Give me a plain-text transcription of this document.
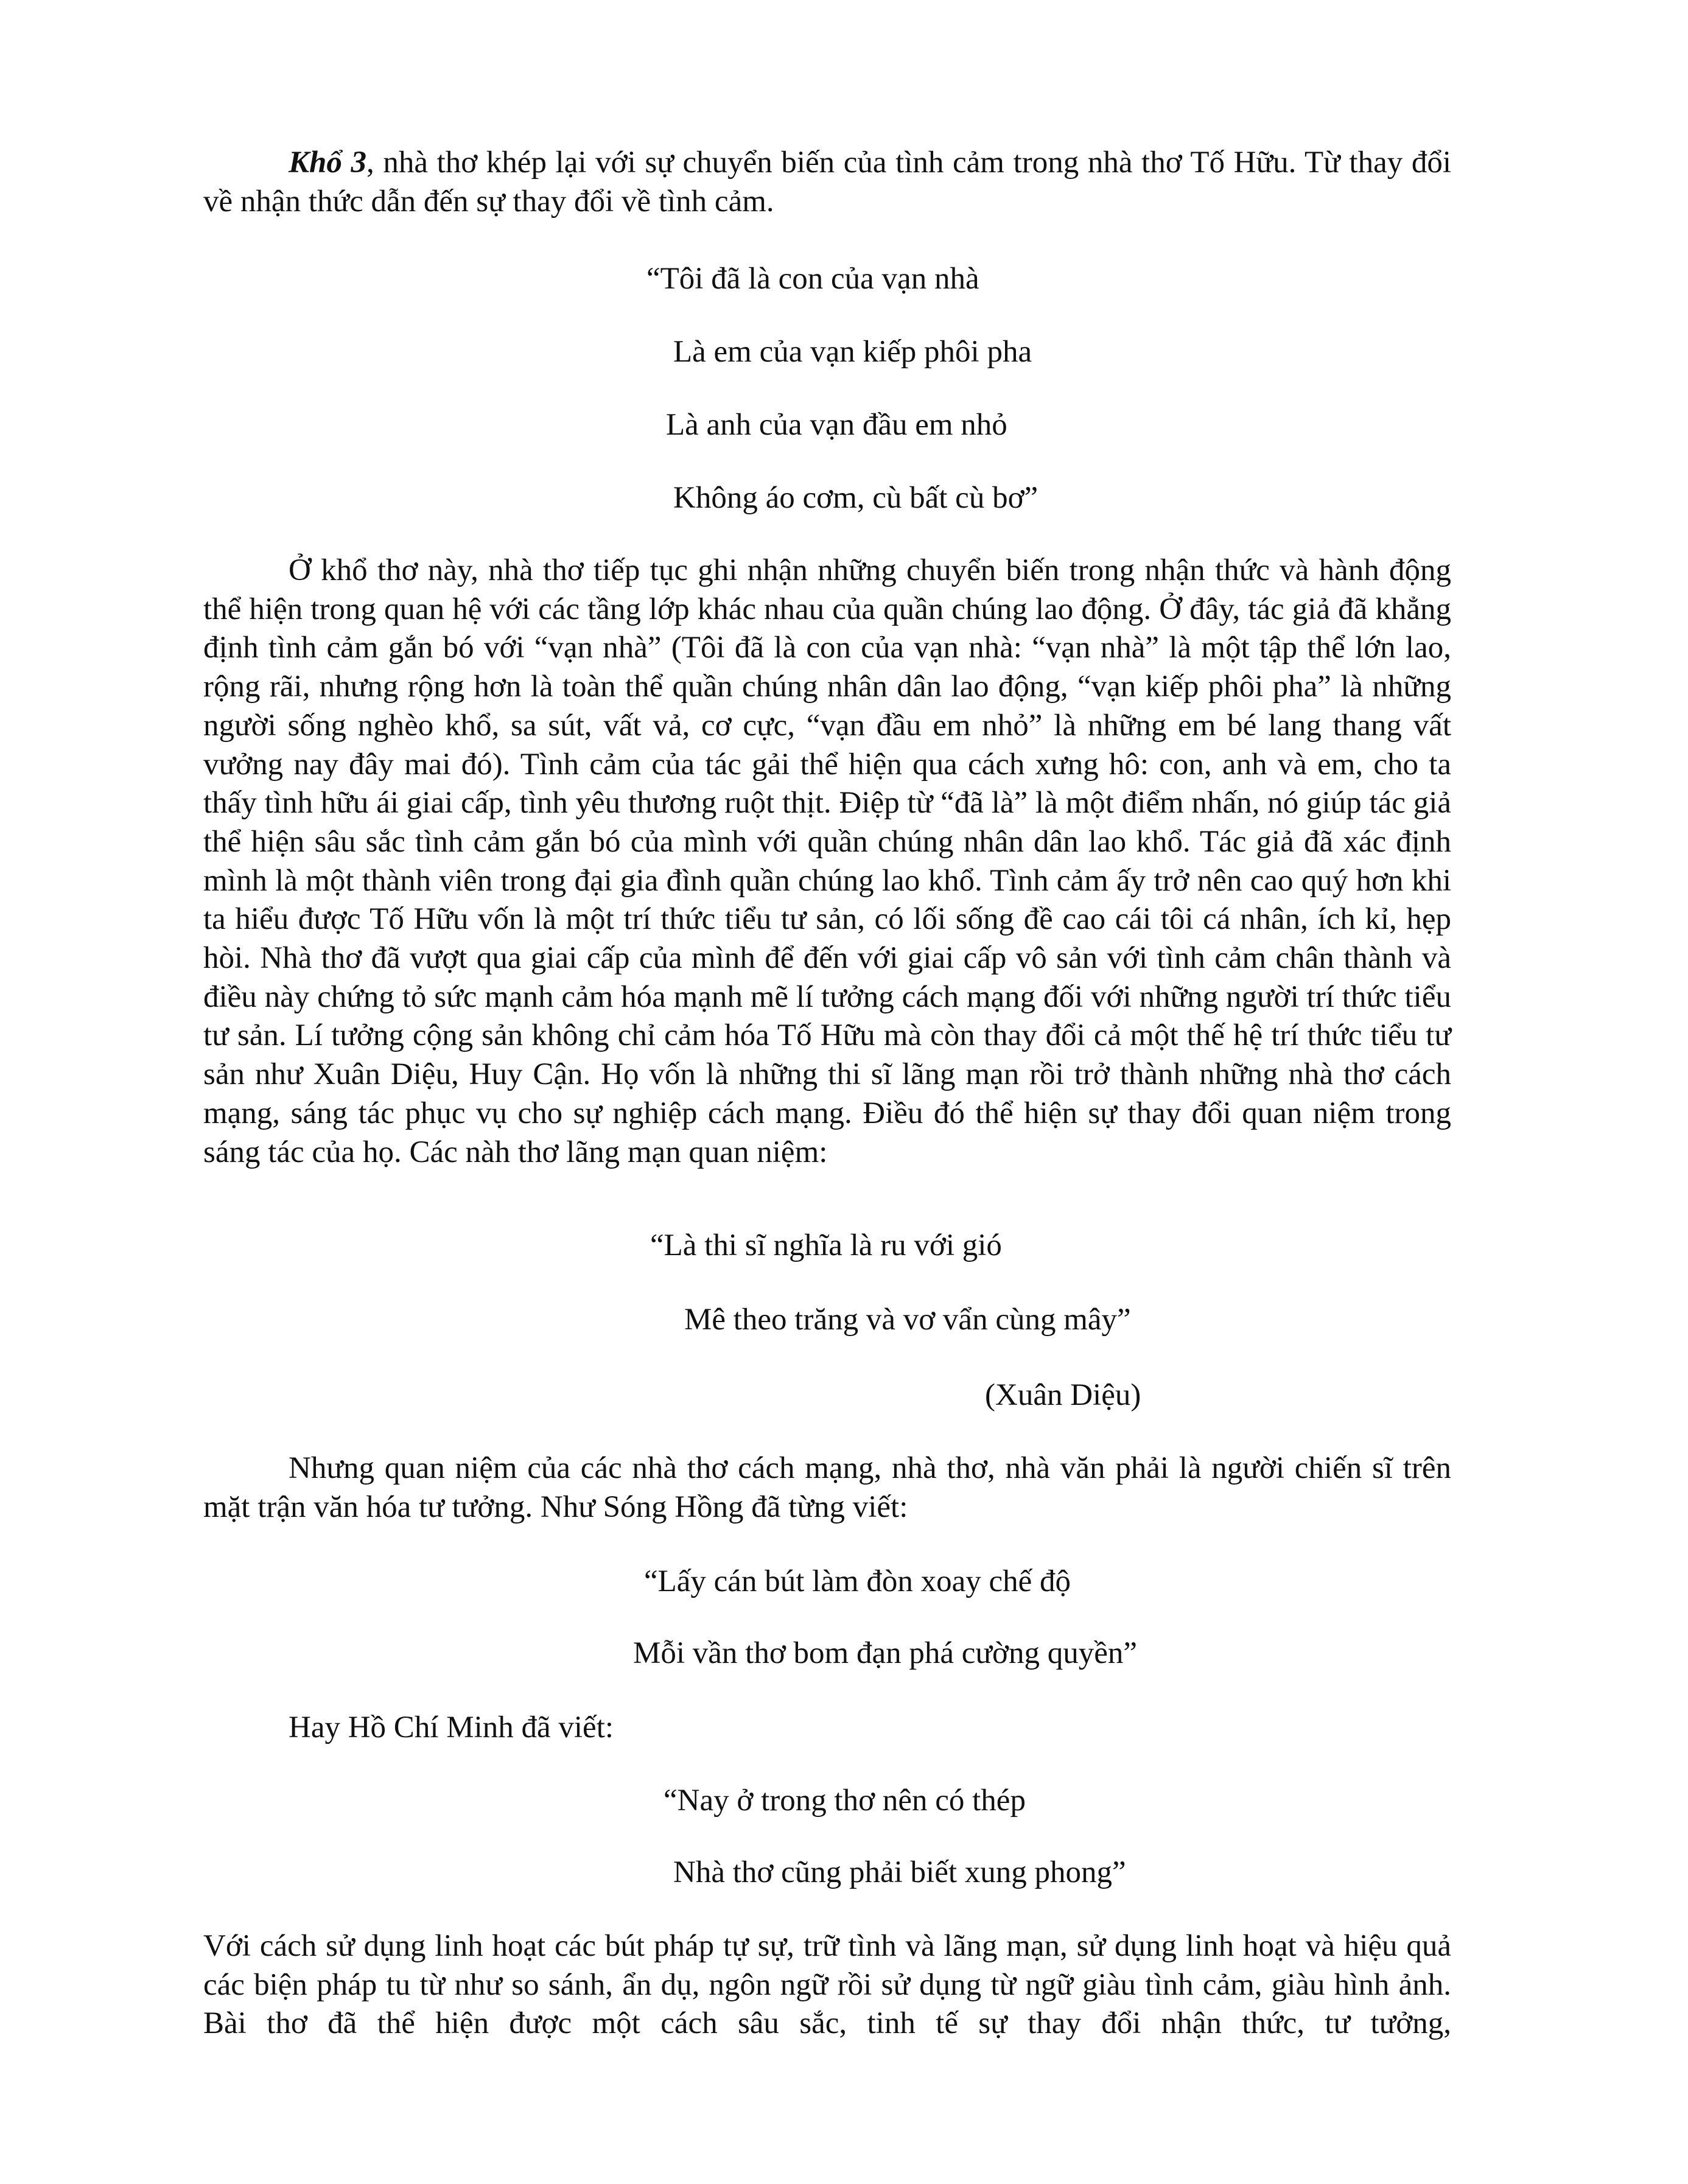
Khổ 3, nhà thơ khép lại với sự chuyển biến của tình cảm trong nhà thơ Tố Hữu. Từ thay đổi về nhận thức dẫn đến sự thay đổi về tình cảm.

“Tôi đã là con của vạn nhà

Là em của vạn kiếp phôi pha

Là anh của vạn đầu em nhỏ

Không áo cơm, cù bất cù bơ”

Ở khổ thơ này, nhà thơ tiếp tục ghi nhận những chuyển biến trong nhận thức và hành động thể hiện trong quan hệ với các tầng lớp khác nhau của quần chúng lao động. Ở đây, tác giả đã khẳng định tình cảm gắn bó với “vạn nhà” (Tôi đã là con của vạn nhà: “vạn nhà” là một tập thể lớn lao, rộng rãi, nhưng rộng hơn là toàn thể quần chúng nhân dân lao động, “vạn kiếp phôi pha” là những người sống nghèo khổ, sa sút, vất vả, cơ cực, “vạn đầu em nhỏ” là những em bé lang thang vất vưởng nay đây mai đó). Tình cảm của tác gải thể hiện qua cách xưng hô: con, anh và em, cho ta thấy tình hữu ái giai cấp, tình yêu thương ruột thịt. Điệp từ “đã là” là một điểm nhấn, nó giúp tác giả thể hiện sâu sắc tình cảm gắn bó của mình với quần chúng nhân dân lao khổ. Tác giả đã xác định mình là một thành viên trong đại gia đình quần chúng lao khổ. Tình cảm ấy trở nên cao quý hơn khi ta hiểu được Tố Hữu vốn là một trí thức tiểu tư sản, có lối sống đề cao cái tôi cá nhân, ích kỉ, hẹp hòi. Nhà thơ đã vượt qua giai cấp của mình để đến với giai cấp vô sản với tình cảm chân thành và điều này chứng tỏ sức mạnh cảm hóa mạnh mẽ lí tưởng cách mạng đối với những người trí thức tiểu tư sản. Lí tưởng cộng sản không chỉ cảm hóa Tố Hữu mà còn thay đổi cả một thế hệ trí thức tiểu tư sản như Xuân Diệu, Huy Cận. Họ vốn là những thi sĩ lãng mạn rồi trở thành những nhà thơ cách mạng, sáng tác phục vụ cho sự nghiệp cách mạng. Điều đó thể hiện sự thay đổi quan niệm trong sáng tác của họ. Các nàh thơ lãng mạn quan niệm:

“Là thi sĩ nghĩa là ru với gió

Mê theo trăng và vơ vẩn cùng mây”

(Xuân Diệu)

Nhưng quan niệm của các nhà thơ cách mạng, nhà thơ, nhà văn phải là người chiến sĩ trên mặt trận văn hóa tư tưởng. Như Sóng Hồng đã từng viết:

“Lấy cán bút làm đòn xoay chế độ

Mỗi vần thơ bom đạn phá cường quyền”

Hay Hồ Chí Minh đã viết:

“Nay ở trong thơ nên có thép

Nhà thơ cũng phải biết xung phong”

Với cách sử dụng linh hoạt các bút pháp tự sự, trữ tình và lãng mạn, sử dụng linh hoạt và hiệu quả các biện pháp tu từ như so sánh, ẩn dụ, ngôn ngữ rồi sử dụng từ ngữ giàu tình cảm, giàu hình ảnh. Bài thơ đã thể hiện được một cách sâu sắc, tinh tế sự thay đổi nhận thức, tư tưởng,
